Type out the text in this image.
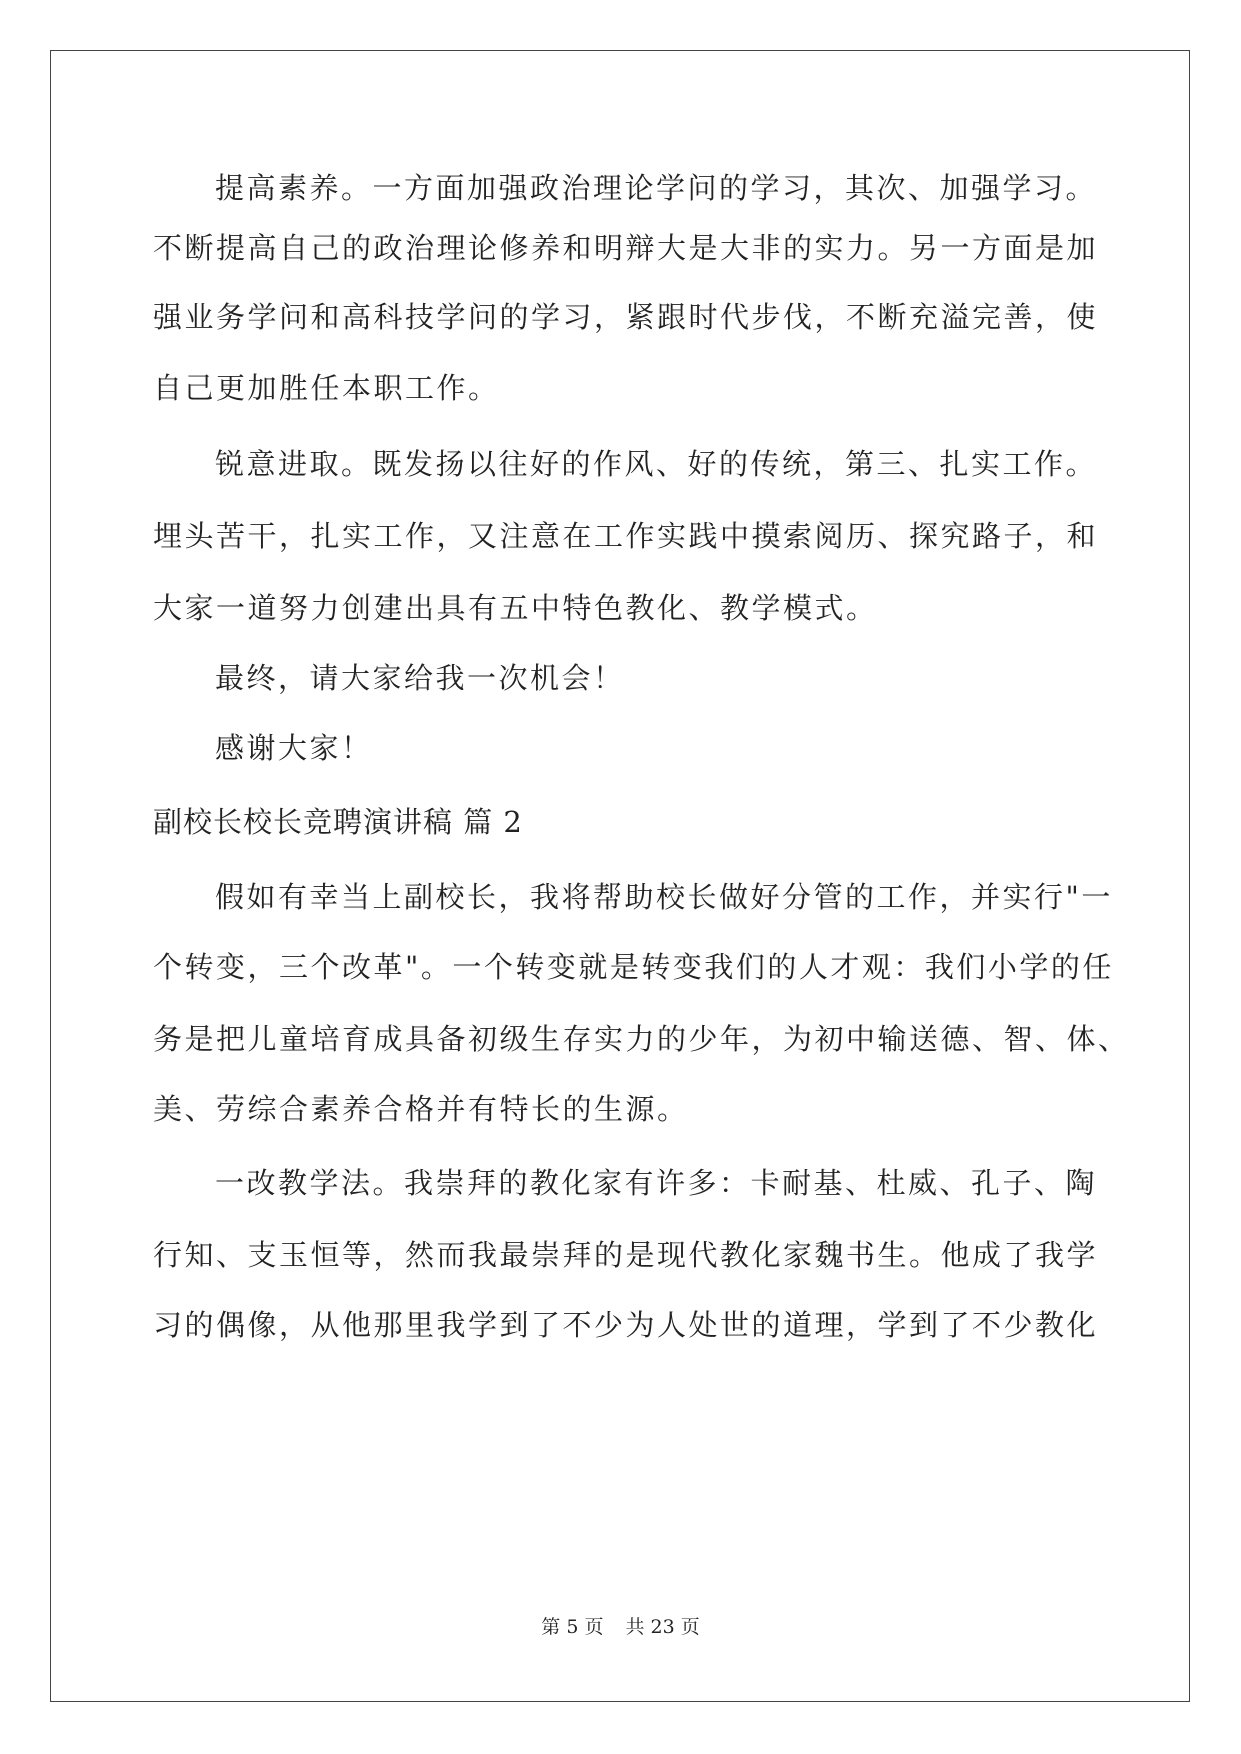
提高素养。一方面加强政治理论学问的学习，其次、加强学习。
不断提高自己的政治理论修养和明辩大是大非的实力。另一方面是加
强业务学问和高科技学问的学习，紧跟时代步伐，不断充溢完善，使
自己更加胜任本职工作。
锐意进取。既发扬以往好的作风、好的传统，第三、扎实工作。
埋头苦干，扎实工作，又注意在工作实践中摸索阅历、探究路子，和
大家一道努力创建出具有五中特色教化、教学模式。
最终，请大家给我一次机会！
感谢大家！
副校长校长竞聘演讲稿 篇 2
假如有幸当上副校长，我将帮助校长做好分管的工作，并实行"一
个转变，三个改革"。一个转变就是转变我们的人才观：我们小学的任
务是把儿童培育成具备初级生存实力的少年，为初中输送德、智、体、
美、劳综合素养合格并有特长的生源。
一改教学法。我崇拜的教化家有许多：卡耐基、杜威、孔子、陶
行知、支玉恒等，然而我最崇拜的是现代教化家魏书生。他成了我学
习的偶像，从他那里我学到了不少为人处世的道理，学到了不少教化
第 5 页 共 23 页
